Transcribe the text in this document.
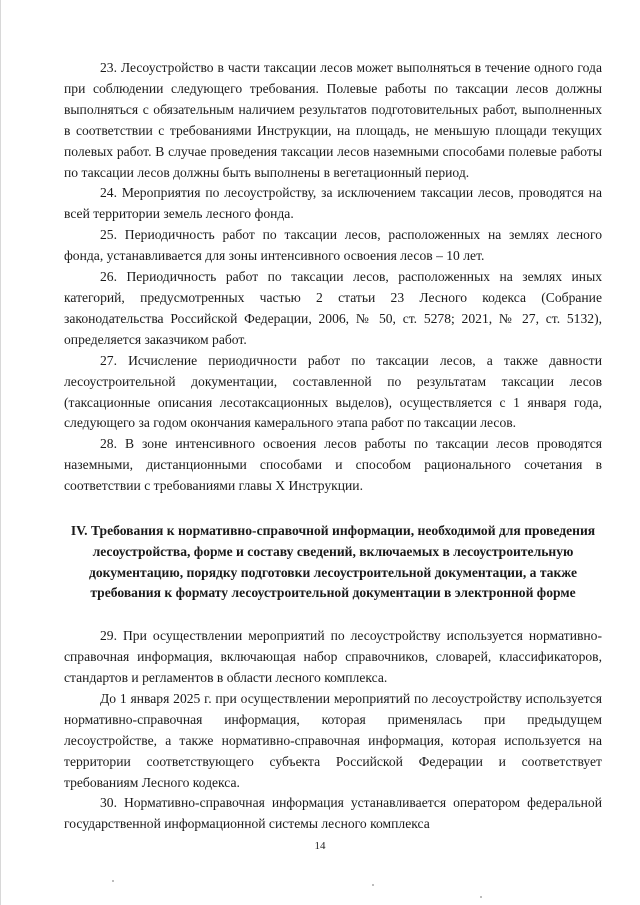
23. Лесоустройство в части таксации лесов может выполняться в течение одного года при соблюдении следующего требования. Полевые работы по таксации лесов должны выполняться с обязательным наличием результатов подготовительных работ, выполненных в соответствии с требованиями Инструкции, на площадь, не меньшую площади текущих полевых работ. В случае проведения таксации лесов наземными способами полевые работы по таксации лесов должны быть выполнены в вегетационный период.

24. Мероприятия по лесоустройству, за исключением таксации лесов, проводятся на всей территории земель лесного фонда.

25. Периодичность работ по таксации лесов, расположенных на землях лесного фонда, устанавливается для зоны интенсивного освоения лесов – 10 лет.

26. Периодичность работ по таксации лесов, расположенных на землях иных категорий, предусмотренных частью 2 статьи 23 Лесного кодекса (Собрание законодательства Российской Федерации, 2006, № 50, ст. 5278; 2021, № 27, ст. 5132), определяется заказчиком работ.

27. Исчисление периодичности работ по таксации лесов, а также давности лесоустроительной документации, составленной по результатам таксации лесов (таксационные описания лесотаксационных выделов), осуществляется с 1 января года, следующего за годом окончания камерального этапа работ по таксации лесов.

28. В зоне интенсивного освоения лесов работы по таксации лесов проводятся наземными, дистанционными способами и способом рационального сочетания в соответствии с требованиями главы X Инструкции.

IV. Требования к нормативно-справочной информации, необходимой для проведения лесоустройства, форме и составу сведений, включаемых в лесоустроительную документацию, порядку подготовки лесоустроительной документации, а также требования к формату лесоустроительной документации в электронной форме

29. При осуществлении мероприятий по лесоустройству используется нормативно-справочная информация, включающая набор справочников, словарей, классификаторов, стандартов и регламентов в области лесного комплекса.

До 1 января 2025 г. при осуществлении мероприятий по лесоустройству используется нормативно-справочная информация, которая применялась при предыдущем лесоустройстве, а также нормативно-справочная информация, которая используется на территории соответствующего субъекта Российской Федерации и соответствует требованиям Лесного кодекса.

30. Нормативно-справочная информация устанавливается оператором федеральной государственной информационной системы лесного комплекса

14
